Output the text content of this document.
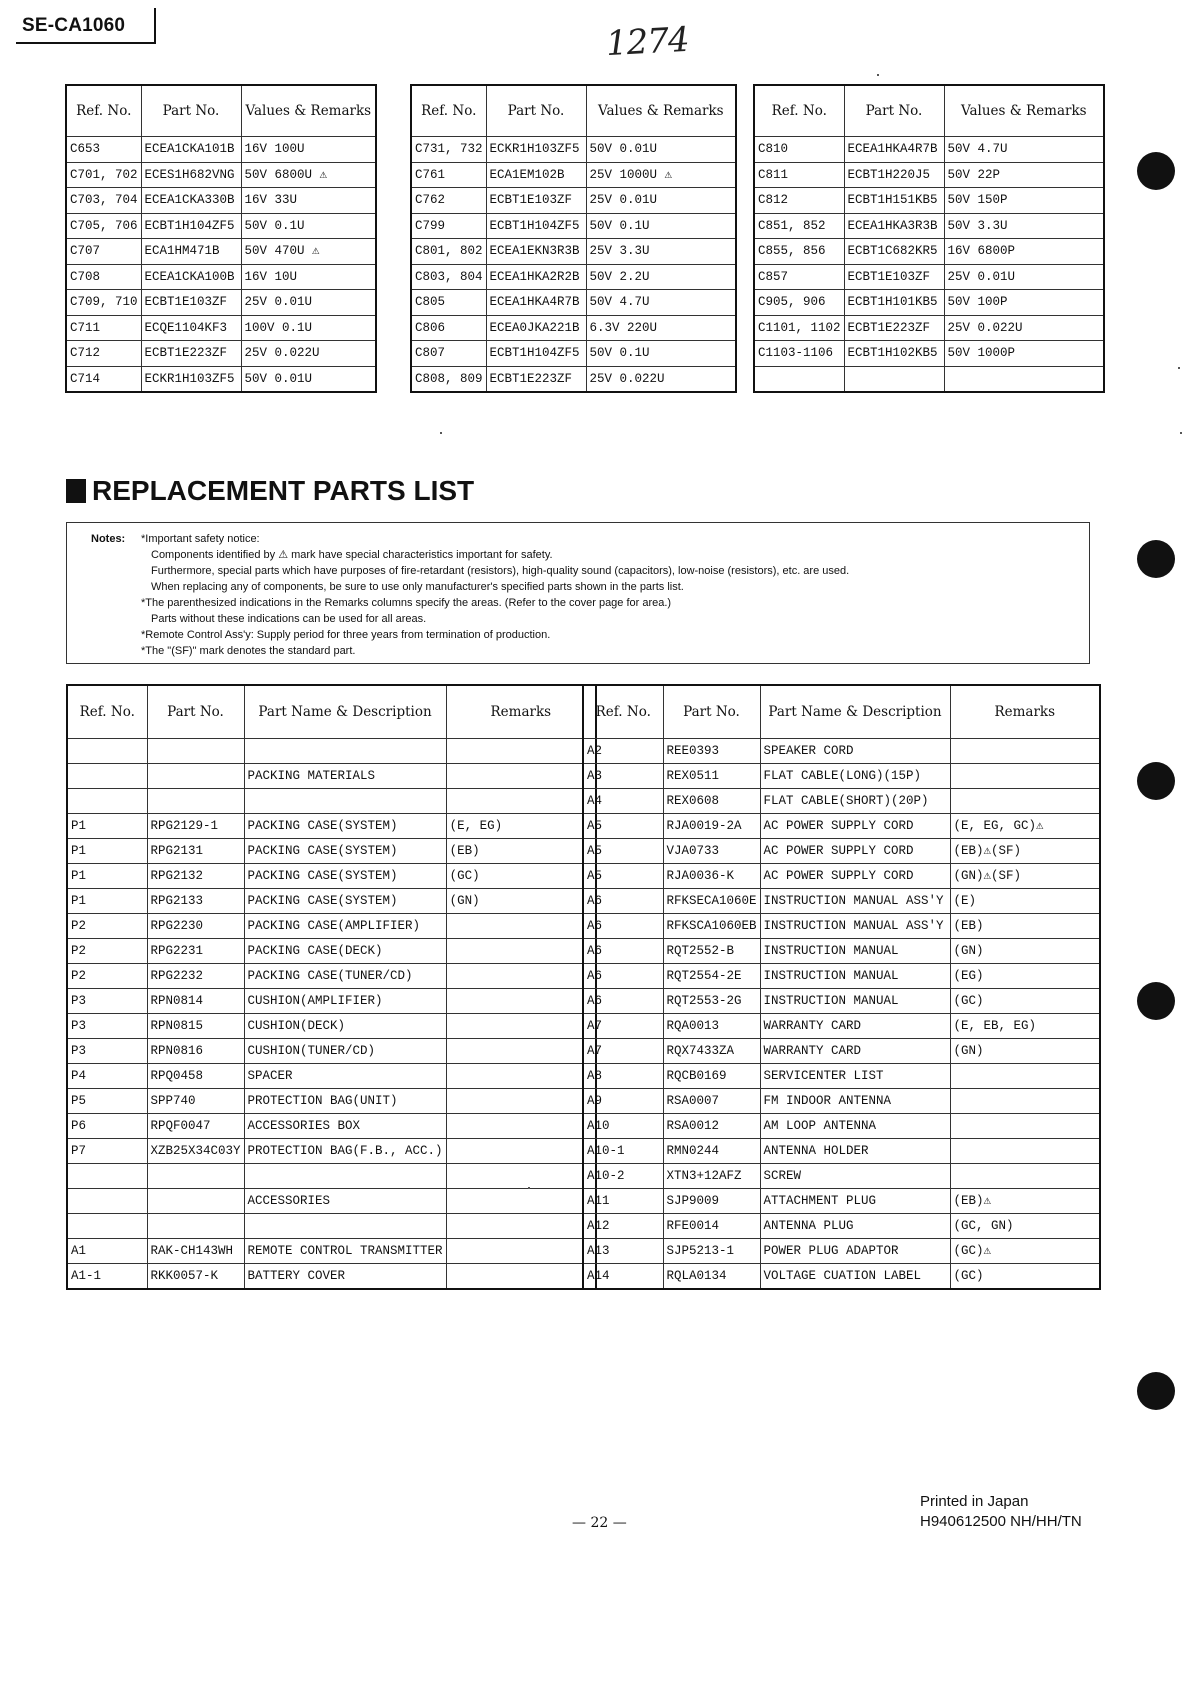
SE-CA1060	1274
Ref. No.	Part No.	Values & Remarks
C653	ECEA1CKA101B	16V 100U
C701, 702	ECES1H682VNG	50V 6800U ⚠
C703, 704	ECEA1CKA330B	16V 33U
C705, 706	ECBT1H104ZF5	50V 0.1U
C707	ECA1HM471B	50V 470U ⚠
C708	ECEA1CKA100B	16V 10U
C709, 710	ECBT1E103ZF	25V 0.01U
C711	ECQE1104KF3	100V 0.1U
C712	ECBT1E223ZF	25V 0.022U
C714	ECKR1H103ZF5	50V 0.01U
Ref. No.	Part No.	Values & Remarks
C731, 732	ECKR1H103ZF5	50V 0.01U
C761	ECA1EM102B	25V 1000U ⚠
C762	ECBT1E103ZF	25V 0.01U
C799	ECBT1H104ZF5	50V 0.1U
C801, 802	ECEA1EKN3R3B	25V 3.3U
C803, 804	ECEA1HKA2R2B	50V 2.2U
C805	ECEA1HKA4R7B	50V 4.7U
C806	ECEA0JKA221B	6.3V 220U
C807	ECBT1H104ZF5	50V 0.1U
C808, 809	ECBT1E223ZF	25V 0.022U
Ref. No.	Part No.	Values & Remarks
C810	ECEA1HKA4R7B	50V 4.7U
C811	ECBT1H220J5	50V 22P
C812	ECBT1H151KB5	50V 150P
C851, 852	ECEA1HKA3R3B	50V 3.3U
C855, 856	ECBT1C682KR5	16V 6800P
C857	ECBT1E103ZF	25V 0.01U
C905, 906	ECBT1H101KB5	50V 100P
C1101, 1102	ECBT1E223ZF	25V 0.022U
C1103-1106	ECBT1H102KB5	50V 1000P

REPLACEMENT PARTS LIST
Notes: *Important safety notice:
Components identified by ⚠ mark have special characteristics important for safety.
Furthermore, special parts which have purposes of fire-retardant (resistors), high-quality sound (capacitors), low-noise (resistors), etc. are used.
When replacing any of components, be sure to use only manufacturer's specified parts shown in the parts list.
*The parenthesized indications in the Remarks columns specify the areas. (Refer to the cover page for area.)
Parts without these indications can be used for all areas.
*Remote Control Ass'y: Supply period for three years from termination of production.
*The "(SF)" mark denotes the standard part.
Ref. No.	Part No.	Part Name & Description	Remarks

		PACKING MATERIALS	

P1	RPG2129-1	PACKING CASE(SYSTEM)	(E, EG)
P1	RPG2131	PACKING CASE(SYSTEM)	(EB)
P1	RPG2132	PACKING CASE(SYSTEM)	(GC)
P1	RPG2133	PACKING CASE(SYSTEM)	(GN)
P2	RPG2230	PACKING CASE(AMPLIFIER)	
P2	RPG2231	PACKING CASE(DECK)	
P2	RPG2232	PACKING CASE(TUNER/CD)	
P3	RPN0814	CUSHION(AMPLIFIER)	
P3	RPN0815	CUSHION(DECK)	
P3	RPN0816	CUSHION(TUNER/CD)	
P4	RPQ0458	SPACER	
P5	SPP740	PROTECTION BAG(UNIT)	
P6	RPQF0047	ACCESSORIES BOX	
P7	XZB25X34C03Y	PROTECTION BAG(F.B., ACC.)	

		ACCESSORIES	

A1	RAK-CH143WH	REMOTE CONTROL TRANSMITTER	
A1-1	RKK0057-K	BATTERY COVER	
Ref. No.	Part No.	Part Name & Description	Remarks
A2	REE0393	SPEAKER CORD	
A3	REX0511	FLAT CABLE(LONG)(15P)	
A4	REX0608	FLAT CABLE(SHORT)(20P)	
A5	RJA0019-2A	AC POWER SUPPLY CORD	(E, EG, GC)⚠
A5	VJA0733	AC POWER SUPPLY CORD	(EB)⚠(SF)
A5	RJA0036-K	AC POWER SUPPLY CORD	(GN)⚠(SF)
A6	RFKSECA1060E	INSTRUCTION MANUAL ASS'Y	(E)
A6	RFKSCA1060EB	INSTRUCTION MANUAL ASS'Y	(EB)
A6	RQT2552-B	INSTRUCTION MANUAL	(GN)
A6	RQT2554-2E	INSTRUCTION MANUAL	(EG)
A6	RQT2553-2G	INSTRUCTION MANUAL	(GC)
A7	RQA0013	WARRANTY CARD	(E, EB, EG)
A7	RQX7433ZA	WARRANTY CARD	(GN)
A8	RQCB0169	SERVICENTER LIST	
A9	RSA0007	FM INDOOR ANTENNA	
A10	RSA0012	AM LOOP ANTENNA	
A10-1	RMN0244	ANTENNA HOLDER	
A10-2	XTN3+12AFZ	SCREW	
A11	SJP9009	ATTACHMENT PLUG	(EB)⚠
A12	RFE0014	ANTENNA PLUG	(GC, GN)
A13	SJP5213-1	POWER PLUG ADAPTOR	(GC)⚠
A14	RQLA0134	VOLTAGE CUATION LABEL	(GC)
— 22 —
Printed in Japan
H940612500 NH/HH/TN
